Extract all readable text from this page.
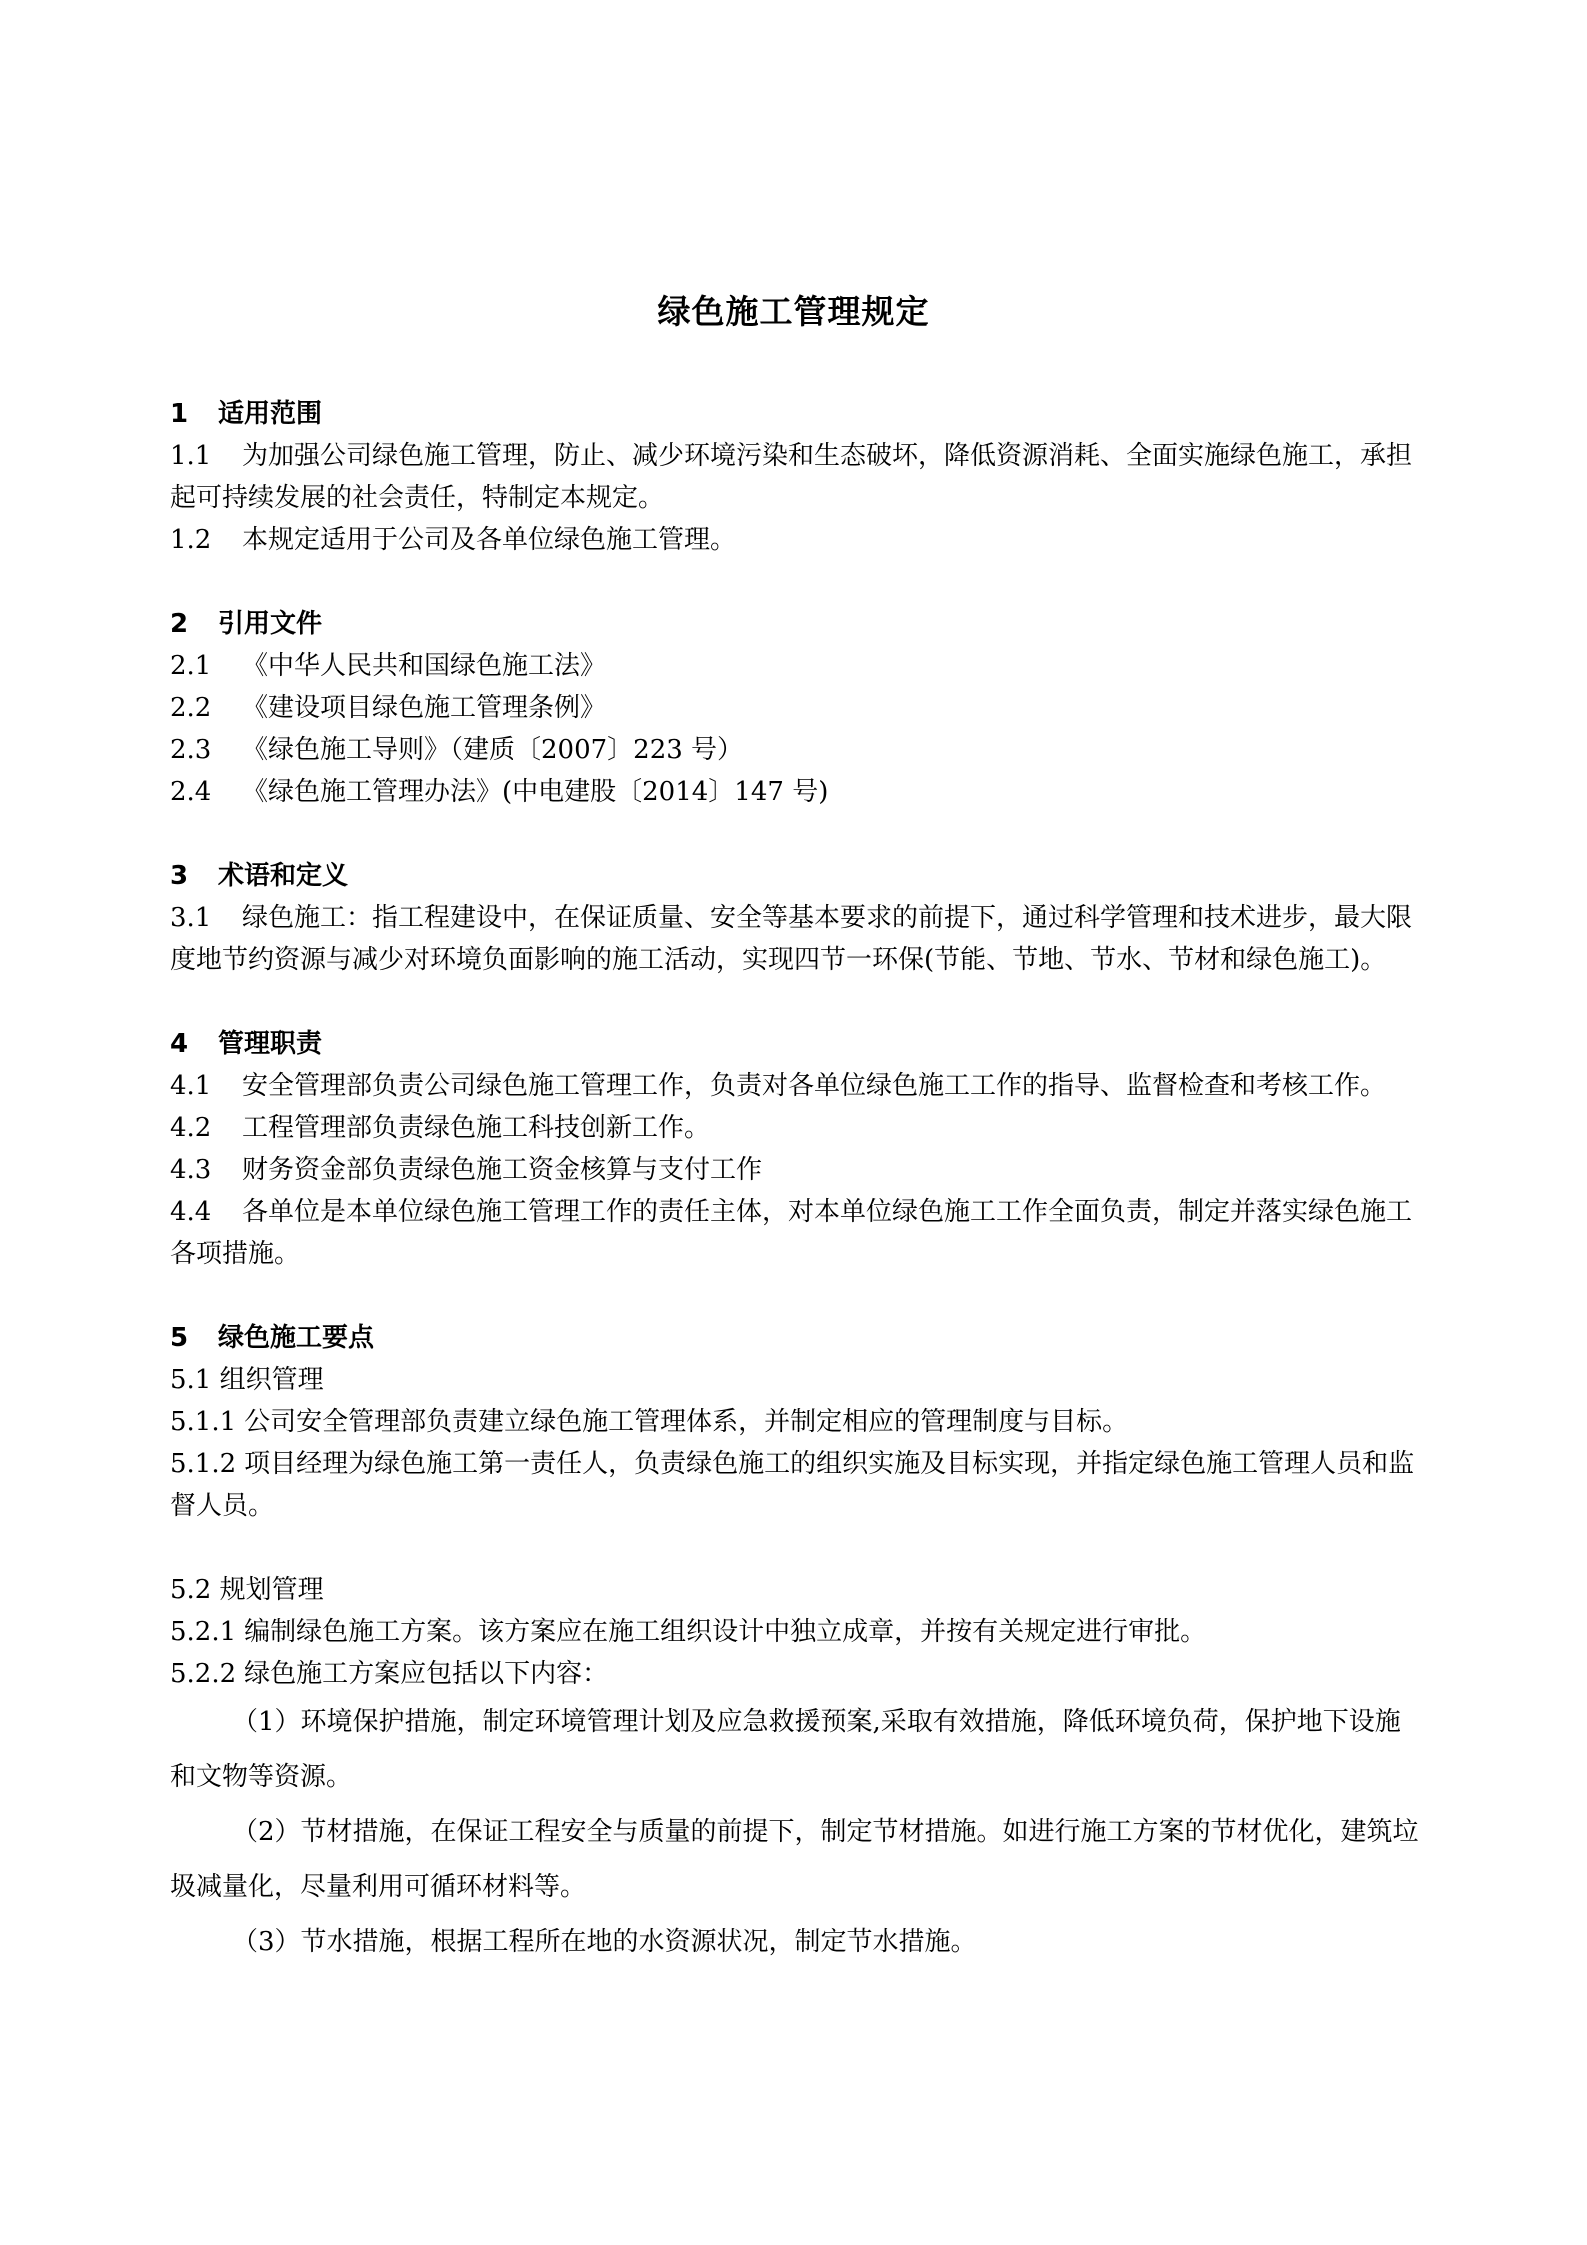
绿色施工管理规定
1 适用范围
1.1 为加强公司绿色施工管理，防止、减少环境污染和生态破坏，降低资源消耗、全面实施绿色施工，承担起可持续发展的社会责任，特制定本规定。
1.2 本规定适用于公司及各单位绿色施工管理。
2 引用文件
2.1 《中华人民共和国绿色施工法》
2.2 《建设项目绿色施工管理条例》
2.3 《绿色施工导则》（建质〔2007〕223 号）
2.4 《绿色施工管理办法》(中电建股〔2014〕147 号)
3 术语和定义
3.1 绿色施工：指工程建设中，在保证质量、安全等基本要求的前提下，通过科学管理和技术进步，最大限度地节约资源与减少对环境负面影响的施工活动，实现四节一环保(节能、节地、节水、节材和绿色施工)。
4 管理职责
4.1 安全管理部负责公司绿色施工管理工作，负责对各单位绿色施工工作的指导、监督检查和考核工作。
4.2 工程管理部负责绿色施工科技创新工作。
4.3 财务资金部负责绿色施工资金核算与支付工作
4.4 各单位是本单位绿色施工管理工作的责任主体，对本单位绿色施工工作全面负责，制定并落实绿色施工各项措施。
5 绿色施工要点
5.1 组织管理
5.1.1 公司安全管理部负责建立绿色施工管理体系，并制定相应的管理制度与目标。
5.1.2 项目经理为绿色施工第一责任人，负责绿色施工的组织实施及目标实现，并指定绿色施工管理人员和监督人员。
5.2 规划管理
5.2.1 编制绿色施工方案。该方案应在施工组织设计中独立成章，并按有关规定进行审批。
5.2.2 绿色施工方案应包括以下内容：
（1）环境保护措施，制定环境管理计划及应急救援预案,采取有效措施，降低环境负荷，保护地下设施和文物等资源。
（2）节材措施，在保证工程安全与质量的前提下，制定节材措施。如进行施工方案的节材优化，建筑垃圾减量化，尽量利用可循环材料等。
（3）节水措施，根据工程所在地的水资源状况，制定节水措施。
